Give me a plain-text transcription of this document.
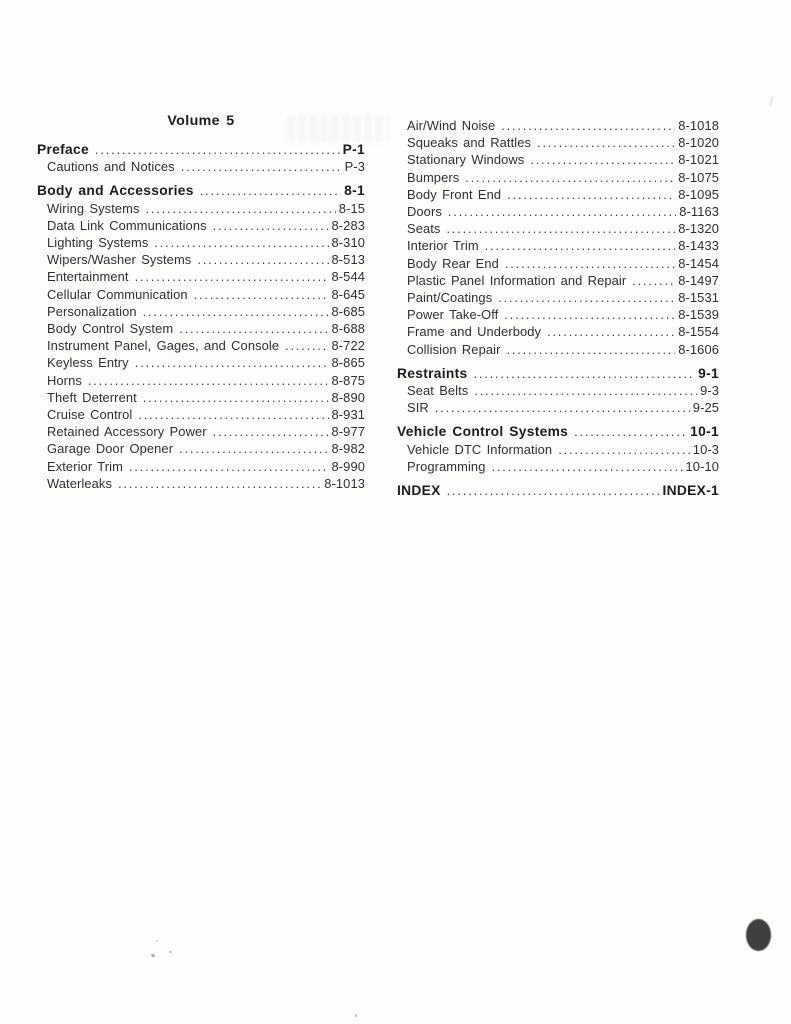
Volume 5
Preface .....	P-1
Cautions and Notices .....	P-3
Body and Accessories .....	8-1
Wiring Systems .....	8-15
Data Link Communications .....	8-283
Lighting Systems .....	8-310
Wipers/Washer Systems .....	8-513
Entertainment .....	8-544
Cellular Communication .....	8-645
Personalization .....	8-685
Body Control System .....	8-688
Instrument Panel, Gages, and Console .....	8-722
Keyless Entry .....	8-865
Horns .....	8-875
Theft Deterrent .....	8-890
Cruise Control .....	8-931
Retained Accessory Power .....	8-977
Garage Door Opener .....	8-982
Exterior Trim .....	8-990
Waterleaks .....	8-1013
Air/Wind Noise .....	8-1018
Squeaks and Rattles .....	8-1020
Stationary Windows .....	8-1021
Bumpers .....	8-1075
Body Front End .....	8-1095
Doors .....	8-1163
Seats .....	8-1320
Interior Trim .....	8-1433
Body Rear End .....	8-1454
Plastic Panel Information and Repair .....	8-1497
Paint/Coatings .....	8-1531
Power Take-Off .....	8-1539
Frame and Underbody .....	8-1554
Collision Repair .....	8-1606
Restraints .....	9-1
Seat Belts .....	9-3
SIR .....	9-25
Vehicle Control Systems .....	10-1
Vehicle DTC Information .....	10-3
Programming .....	10-10
INDEX .....	INDEX-1
